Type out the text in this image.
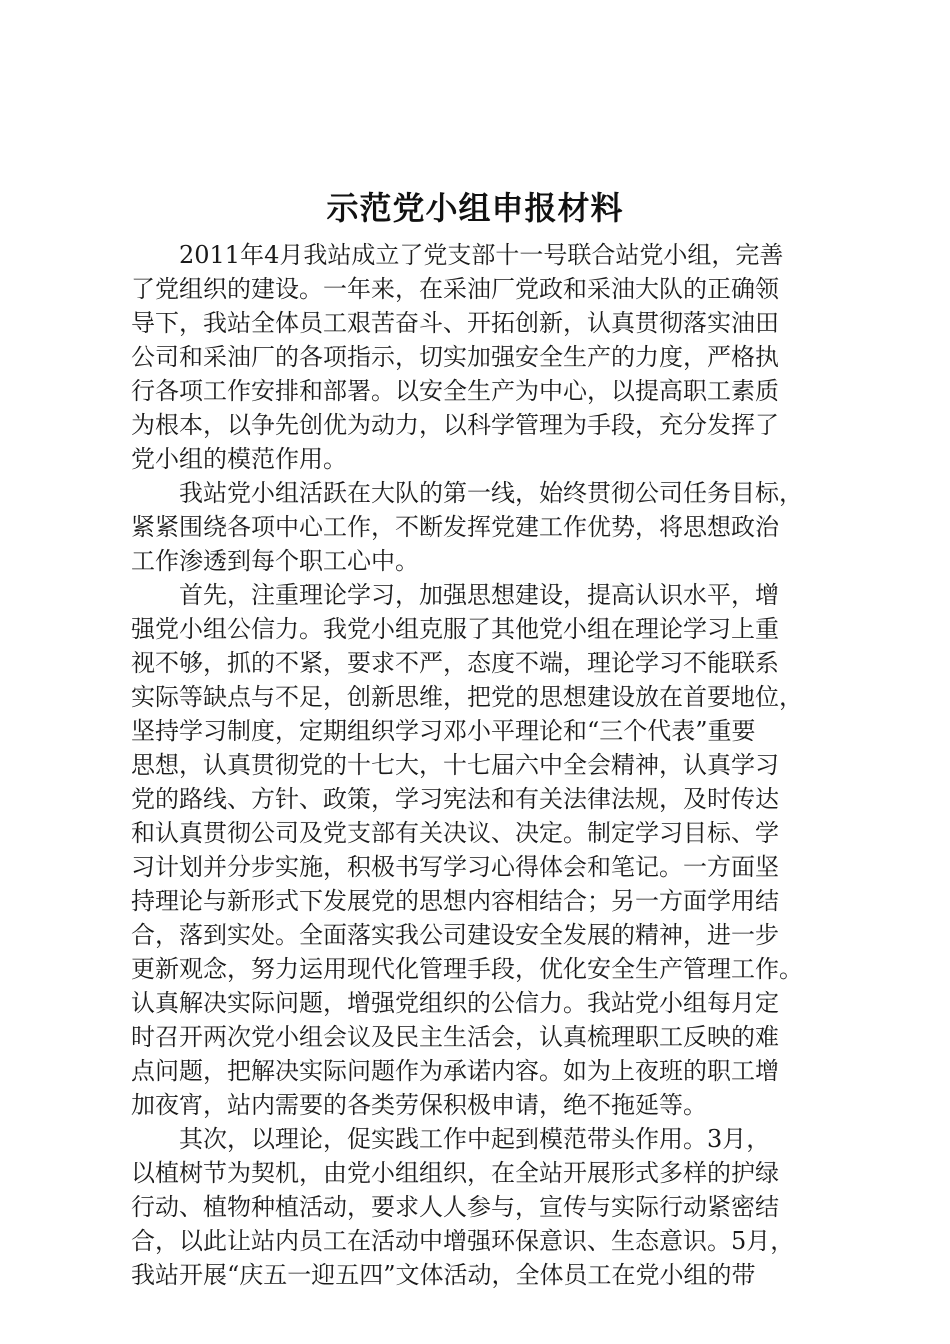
示范党小组申报材料
2011年4月我站成立了党支部十一号联合站党小组，完善
了党组织的建设。一年来，在采油厂党政和采油大队的正确领
导下，我站全体员工艰苦奋斗、开拓创新，认真贯彻落实油田
公司和采油厂的各项指示，切实加强安全生产的力度，严格执
行各项工作安排和部署。以安全生产为中心，以提高职工素质
为根本，以争先创优为动力，以科学管理为手段，充分发挥了
党小组的模范作用。
我站党小组活跃在大队的第一线，始终贯彻公司任务目标，
紧紧围绕各项中心工作，不断发挥党建工作优势，将思想政治
工作渗透到每个职工心中。
首先，注重理论学习，加强思想建设，提高认识水平，增
强党小组公信力。我党小组克服了其他党小组在理论学习上重
视不够，抓的不紧，要求不严，态度不端，理论学习不能联系
实际等缺点与不足，创新思维，把党的思想建设放在首要地位，
坚持学习制度，定期组织学习邓小平理论和“三个代表”重要
思想，认真贯彻党的十七大，十七届六中全会精神，认真学习
党的路线、方针、政策，学习宪法和有关法律法规，及时传达
和认真贯彻公司及党支部有关决议、决定。制定学习目标、学
习计划并分步实施，积极书写学习心得体会和笔记。一方面坚
持理论与新形式下发展党的思想内容相结合；另一方面学用结
合，落到实处。全面落实我公司建设安全发展的精神，进一步
更新观念，努力运用现代化管理手段，优化安全生产管理工作。
认真解决实际问题，增强党组织的公信力。我站党小组每月定
时召开两次党小组会议及民主生活会，认真梳理职工反映的难
点问题，把解决实际问题作为承诺内容。如为上夜班的职工增
加夜宵，站内需要的各类劳保积极申请，绝不拖延等。
其次，以理论，促实践工作中起到模范带头作用。3月，
以植树节为契机，由党小组组织，在全站开展形式多样的护绿
行动、植物种植活动，要求人人参与，宣传与实际行动紧密结
合，以此让站内员工在活动中增强环保意识、生态意识。5月，
我站开展“庆五一迎五四”文体活动，全体员工在党小组的带
